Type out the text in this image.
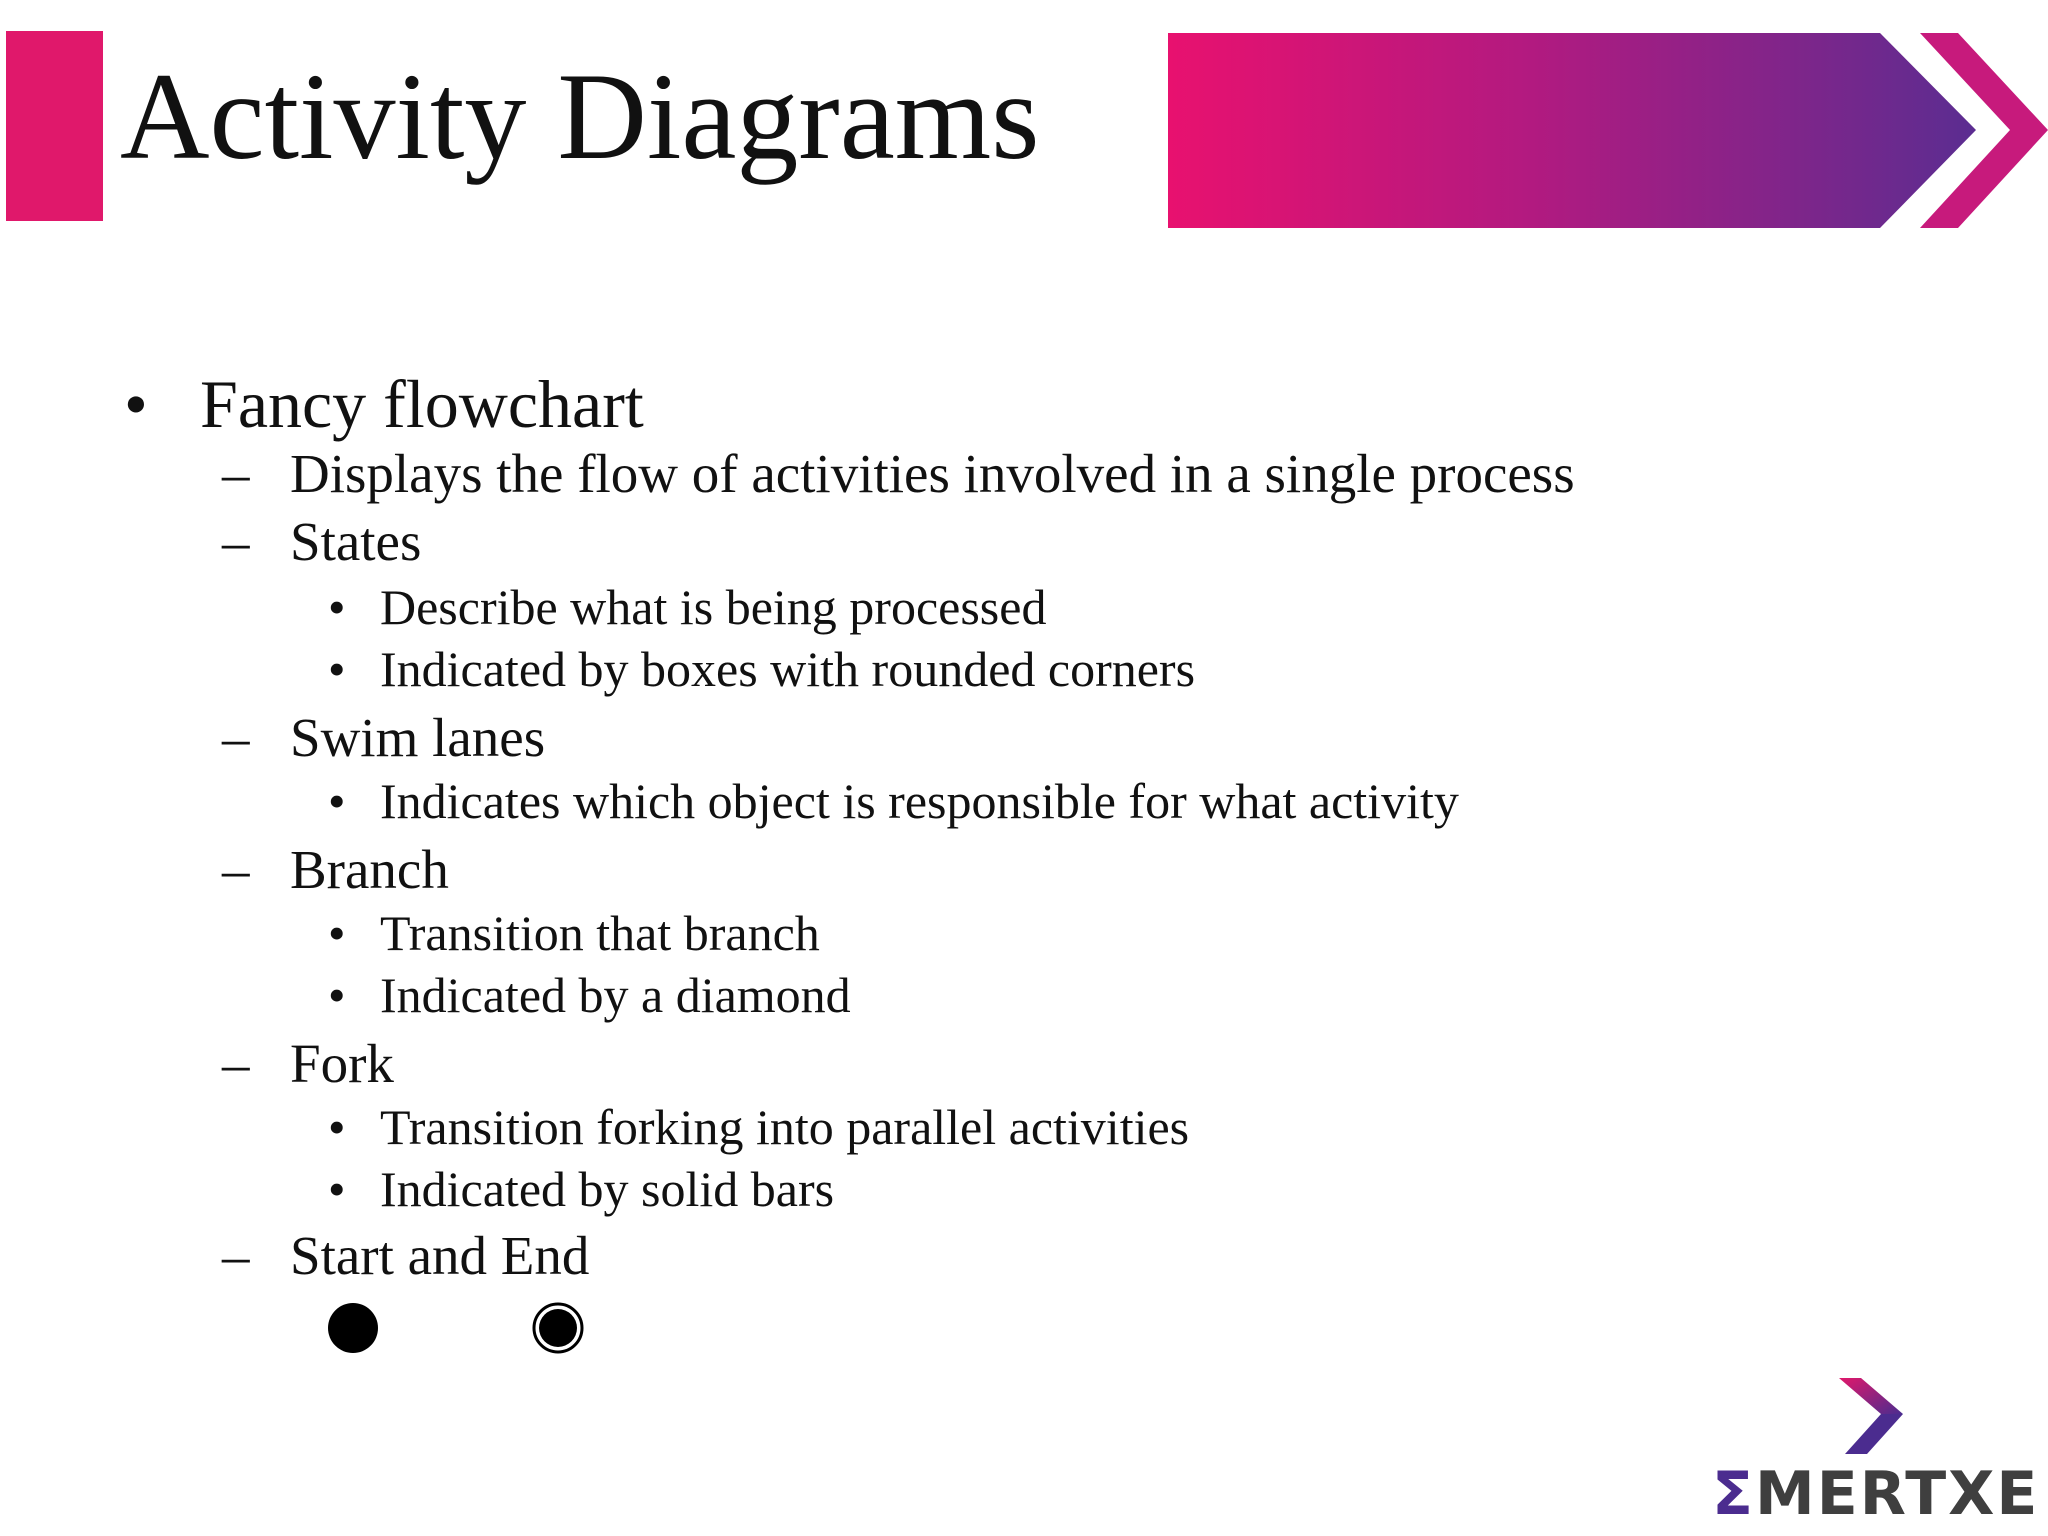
Activity Diagrams
• Fancy flowchart
– Displays the flow of activities involved in a single process
– States
• Describe what is being processed
• Indicated by boxes with rounded corners
– Swim lanes
• Indicates which object is responsible for what activity
– Branch
• Transition that branch
• Indicated by a diamond
– Fork
• Transition forking into parallel activities
• Indicated by solid bars
– Start and End
ΣMERTXE
